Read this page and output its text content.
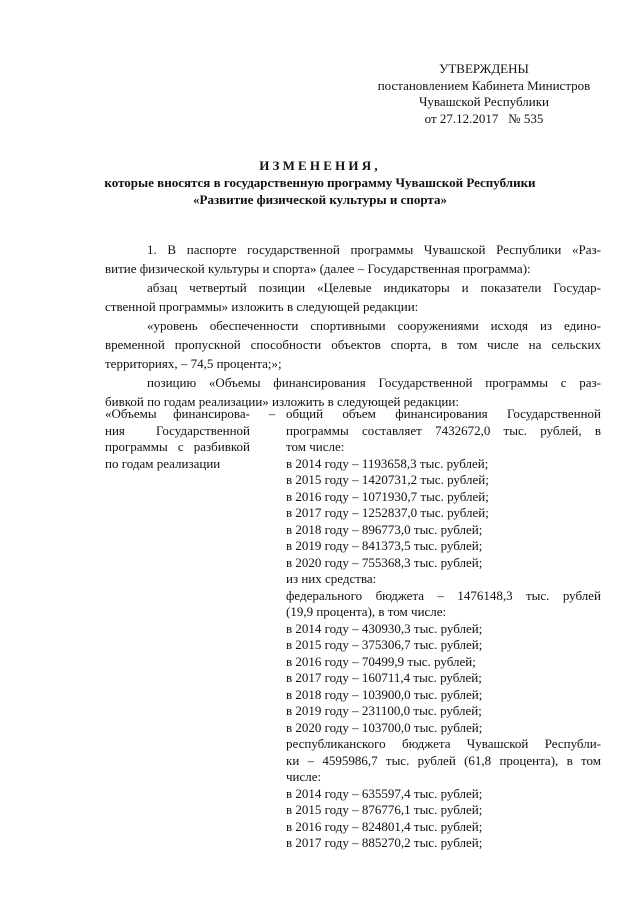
УТВЕРЖДЕНЫ
постановлением Кабинета Министров
Чувашской Республики
от 27.12.2017   № 535
ИЗМЕНЕНИЯ,
которые вносятся в государственную программу Чувашской Республики
«Развитие физической культуры и спорта»

1. В паспорте государственной программы Чувашской Республики «Раз-
витие физической культуры и спорта» (далее – Государственная программа):

абзац четвертый позиции «Целевые индикаторы и показатели Государ-
ственной программы» изложить в следующей редакции:

«уровень обеспеченности спортивными сооружениями исходя из едино-
временной пропускной способности объектов спорта, в том числе на сельских
территориях, – 74,5 процента;»;

позицию «Объемы финансирования Государственной программы с раз-
бивкой по годам реализации» изложить в следующей редакции:

«Объемы финансирова-
ния     Государственной
программы с разбивкой
по годам реализации
– общий объем финансирования Государственной
программы составляет 7432672,0 тыс. рублей, в
том числе:
в 2014 году – 1193658,3 тыс. рублей;
в 2015 году – 1420731,2 тыс. рублей;
в 2016 году – 1071930,7 тыс. рублей;
в 2017 году – 1252837,0 тыс. рублей;
в 2018 году – 896773,0 тыс. рублей;
в 2019 году – 841373,5 тыс. рублей;
в 2020 году – 755368,3 тыс. рублей;
из них средства:
федерального бюджета – 1476148,3 тыс. рублей
(19,9 процента), в том числе:
в 2014 году – 430930,3 тыс. рублей;
в 2015 году – 375306,7 тыс. рублей;
в 2016 году – 70499,9 тыс. рублей;
в 2017 году – 160711,4 тыс. рублей;
в 2018 году – 103900,0 тыс. рублей;
в 2019 году – 231100,0 тыс. рублей;
в 2020 году – 103700,0 тыс. рублей;
республиканского бюджета Чувашской Республи-
ки – 4595986,7 тыс. рублей (61,8 процента), в том
числе:
в 2014 году – 635597,4 тыс. рублей;
в 2015 году – 876776,1 тыс. рублей;
в 2016 году – 824801,4 тыс. рублей;
в 2017 году – 885270,2 тыс. рублей;
